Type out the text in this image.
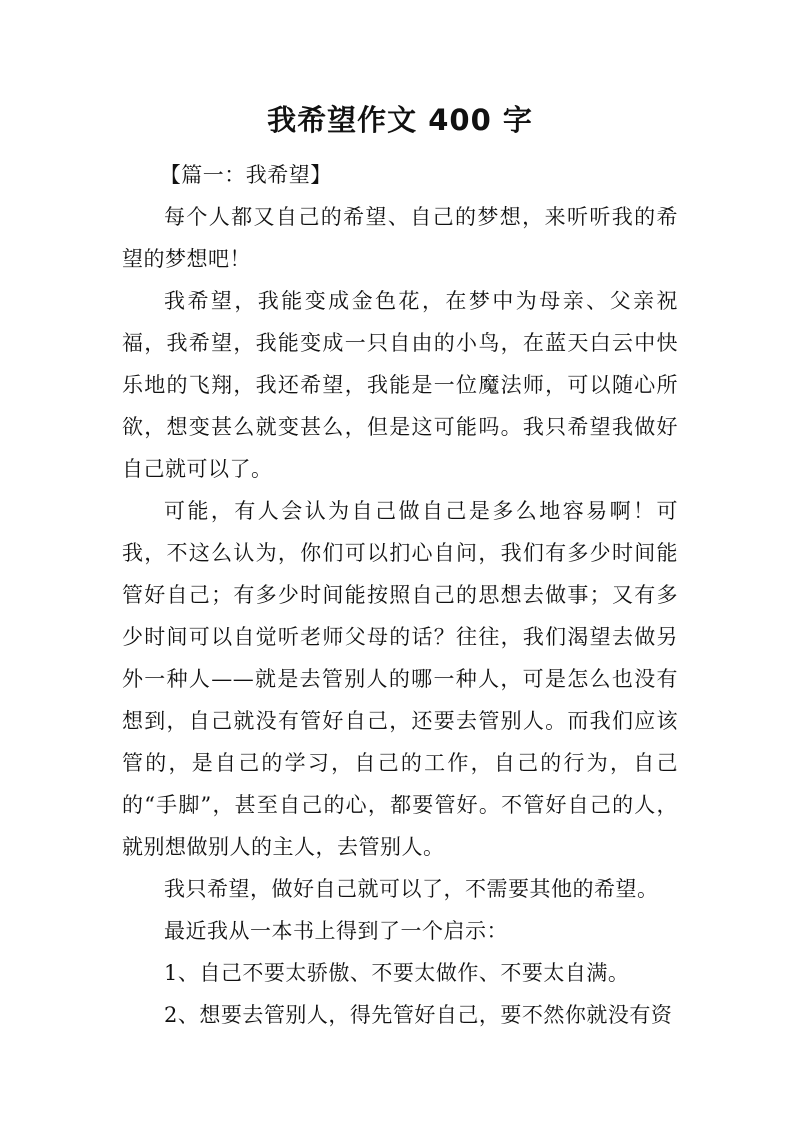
我希望作文 400 字

【篇一：我希望】

每个人都又自己的希望、自己的梦想，来听听我的希望的梦想吧！

我希望，我能变成金色花，在梦中为母亲、父亲祝福，我希望，我能变成一只自由的小鸟，在蓝天白云中快乐地的飞翔，我还希望，我能是一位魔法师，可以随心所欲，想变甚么就变甚么，但是这可能吗。我只希望我做好自己就可以了。

可能，有人会认为自己做自己是多么地容易啊！可我，不这么认为，你们可以扪心自问，我们有多少时间能管好自己；有多少时间能按照自己的思想去做事；又有多少时间可以自觉听老师父母的话？往往，我们渴望去做另外一种人——就是去管别人的哪一种人，可是怎么也没有想到，自己就没有管好自己，还要去管别人。而我们应该管的，是自己的学习，自己的工作，自己的行为，自己的“手脚”，甚至自己的心，都要管好。不管好自己的人，就别想做别人的主人，去管别人。

我只希望，做好自己就可以了，不需要其他的希望。

最近我从一本书上得到了一个启示：

1、自己不要太骄傲、不要太做作、不要太自满。

2、想要去管别人，得先管好自己，要不然你就没有资
